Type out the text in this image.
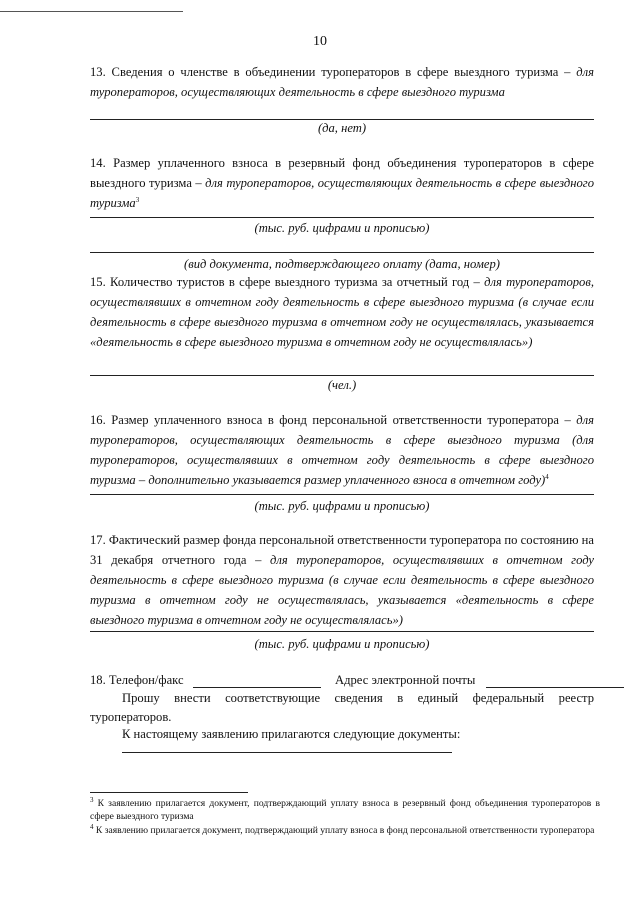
10
13. Сведения о членстве в объединении туроператоров в сфере выездного туризма – для туроператоров, осуществляющих деятельность в сфере выездного туризма
(да, нет)
14. Размер уплаченного взноса в резервный фонд объединения туроператоров в сфере выездного туризма – для туроператоров, осуществляющих деятельность в сфере выездного туризма$^3$
(тыс. руб. цифрами и прописью)
(вид документа, подтверждающего оплату (дата, номер)
15. Количество туристов в сфере выездного туризма за отчетный год – для туроператоров, осуществлявших в отчетном году деятельность в сфере выездного туризма (в случае если деятельность в сфере выездного туризма в отчетном году не осуществлялась, указывается «деятельность в сфере выездного туризма в отчетном году не осуществлялась»)
(чел.)
16. Размер уплаченного взноса в фонд персональной ответственности туроператора – для туроператоров, осуществляющих деятельность в сфере выездного туризма (для туроператоров, осуществлявших в отчетном году деятельность в сфере выездного туризма – дополнительно указывается размер уплаченного взноса в отчетном году)$^4$
(тыс. руб. цифрами и прописью)
17. Фактический размер фонда персональной ответственности туроператора по состоянию на 31 декабря отчетного года – для туроператоров, осуществлявших в отчетном году деятельность в сфере выездного туризма (в случае если деятельность в сфере выездного туризма в отчетном году не осуществлялась, указывается «деятельность в сфере выездного туризма в отчетном году не осуществлялась»)
(тыс. руб. цифрами и прописью)
18. Телефон/факс	Адрес электронной почты
Прошу внести соответствующие сведения в единый федеральный реестр туроператоров.
К настоящему заявлению прилагаются следующие документы:
$^3$ К заявлению прилагается документ, подтверждающий уплату взноса в резервный фонд объединения туроператоров в сфере выездного туризма
$^4$ К заявлению прилагается документ, подтверждающий уплату взноса в фонд персональной ответственности туроператора
